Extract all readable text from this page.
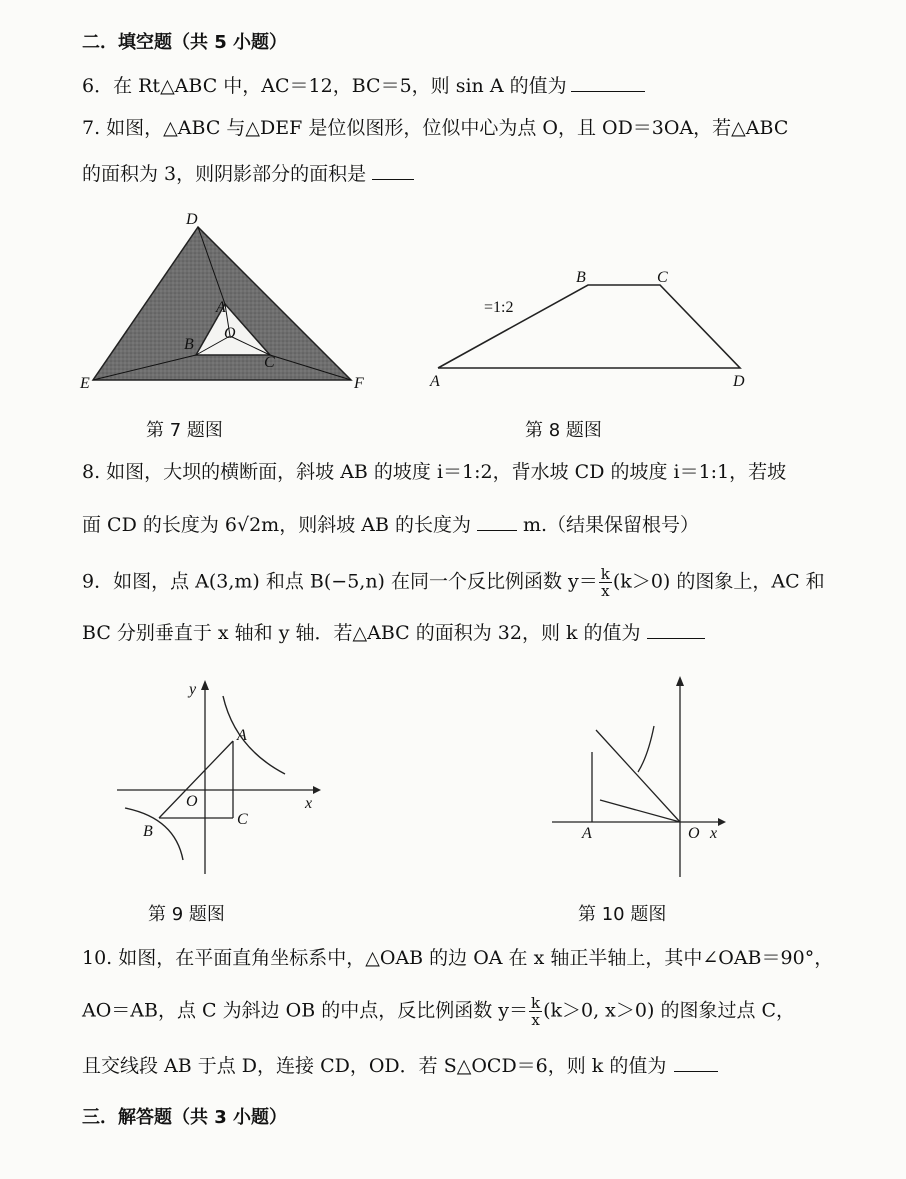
二．填空题（共 5 小题）
6．在 Rt△ABC 中，AC＝12，BC＝5，则 sin A 的值为
7. 如图，△ABC 与△DEF 是位似图形，位似中心为点 O，且 OD＝3OA，若△ABC
的面积为 3，则阴影部分的面积是
D
E	F
A
B
C
O
第 7 题图
B	C
A	D
=1:2
第 8 题图
8. 如图，大坝的横断面，斜坡 AB 的坡度 i＝1:2，背水坡 CD 的坡度 i＝1:1，若坡
面 CD 的长度为 6√2m，则斜坡 AB 的长度为	m.（结果保留根号）
9．如图，点 A(3,m) 和点 B(−5,n) 在同一个反比例函数 $y= \frac{k}{x} (k>0)$ 的图象上，AC 和
BC 分别垂直于 x 轴和 y 轴．若△ABC 的面积为 32，则 k 的值为
y
x
A
O
B
C
第 9 题图
A	O x
第 10 题图
10. 如图，在平面直角坐标系中，△OAB 的边 OA 在 x 轴正半轴上，其中∠OAB＝90°，
AO＝AB，点 C 为斜边 OB 的中点，反比例函数 $y= \frac{k}{x} (k>0$, x＞0) 的图象过点 C，
且交线段 AB 于点 D，连接 CD，OD．若 S△OCD＝6，则 k 的值为
三．解答题（共 3 小题）
